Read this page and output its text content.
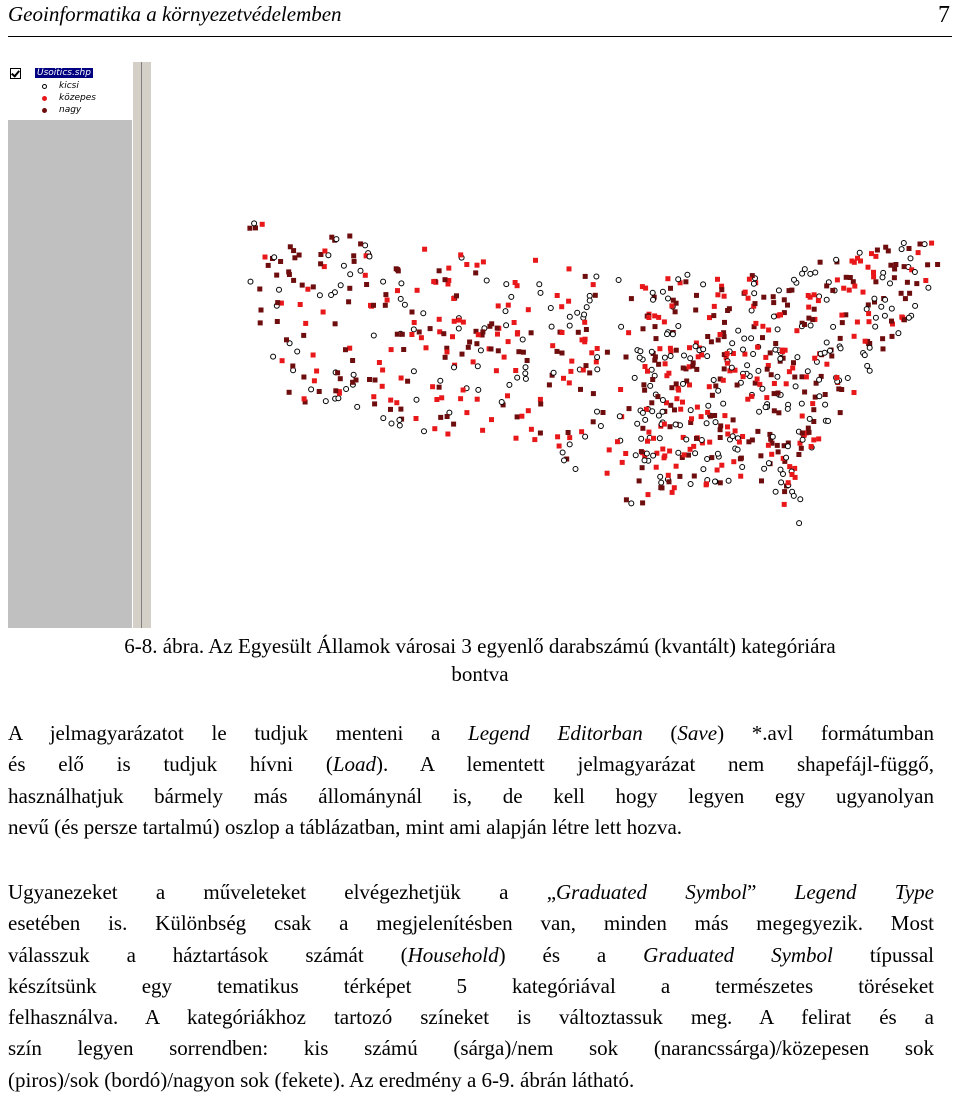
Geoinformatika a környezetvédelemben	7
Usoitics.shp
kicsi
közepes
nagy
6-8. ábra. Az Egyesült Államok városai 3 egyenlő darabszámú (kvantált) kategóriára
bontva
A jelmagyarázatot le tudjuk menteni a Legend Editorban (Save) *.avl formátumban
és elő is tudjuk hívni (Load). A lementett jelmagyarázat nem shapefájl-függő,
használhatjuk bármely más állománynál is, de kell hogy legyen egy ugyanolyan
nevű (és persze tartalmú) oszlop a táblázatban, mint ami alapján létre lett hozva.
Ugyanezeket a műveleteket elvégezhetjük a „Graduated Symbol” Legend Type
esetében is. Különbség csak a megjelenítésben van, minden más megegyezik. Most
válasszuk a háztartások számát (Household) és a Graduated Symbol típussal
készítsünk egy tematikus térképet 5 kategóriával a természetes töréseket
felhasználva. A kategóriákhoz tartozó színeket is változtassuk meg. A felirat és a
szín legyen sorrendben: kis számú (sárga)/nem sok (narancssárga)/közepesen sok
(piros)/sok (bordó)/nagyon sok (fekete). Az eredmény a 6-9. ábrán látható.
